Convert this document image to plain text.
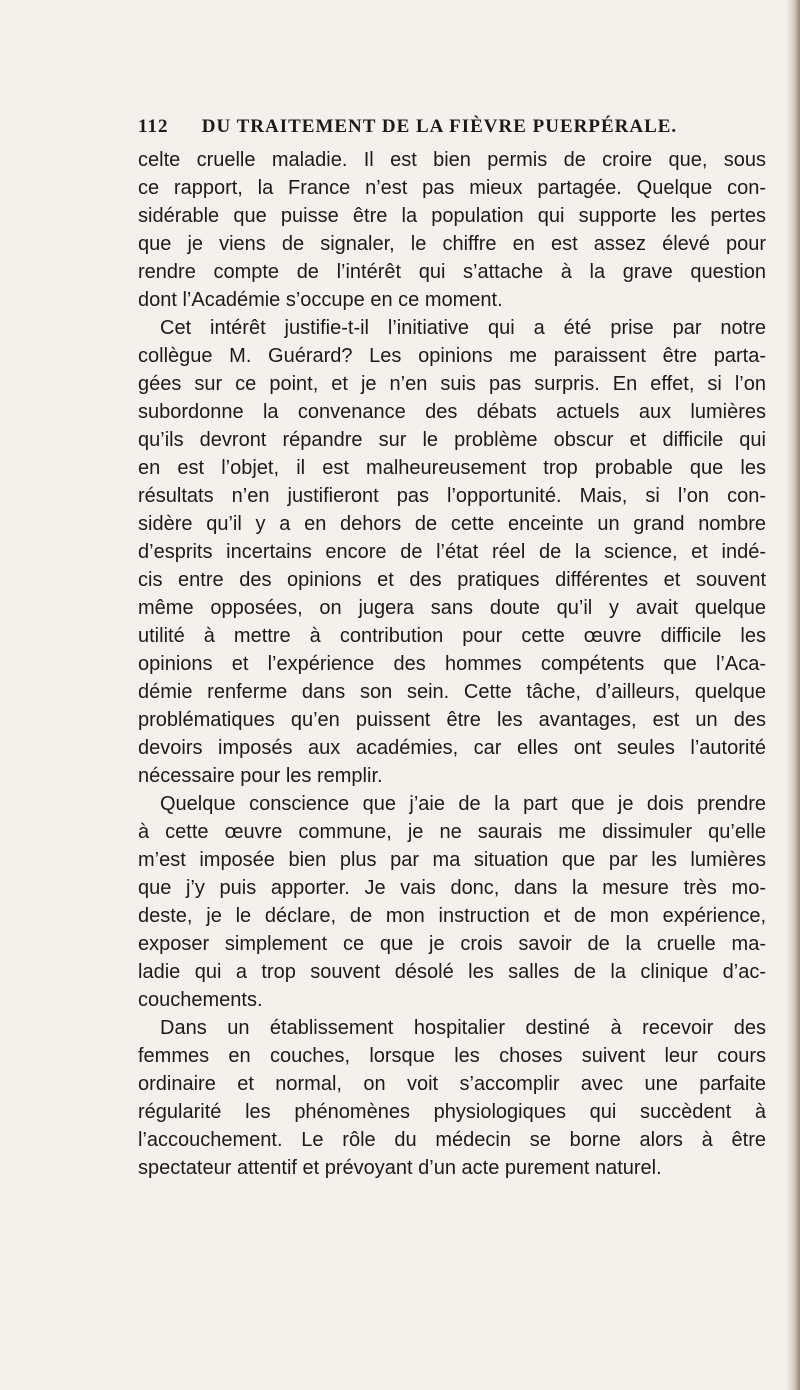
112 DU TRAITEMENT DE LA FIÈVRE PUERPÉRALE.
celte cruelle maladie. Il est bien permis de croire que, sous
ce rapport, la France n’est pas mieux partagée. Quelque con-
sidérable que puisse être la population qui supporte les pertes
que je viens de signaler, le chiffre en est assez élevé pour
rendre compte de l’intérêt qui s’attache à la grave question
dont l’Académie s’occupe en ce moment.
Cet intérêt justifie-t-il l’initiative qui a été prise par notre
collègue M. Guérard? Les opinions me paraissent être parta-
gées sur ce point, et je n’en suis pas surpris. En effet, si l’on
subordonne la convenance des débats actuels aux lumières
qu’ils devront répandre sur le problème obscur et difficile qui
en est l’objet, il est malheureusement trop probable que les
résultats n’en justifieront pas l’opportunité. Mais, si l’on con-
sidère qu’il y a en dehors de cette enceinte un grand nombre
d’esprits incertains encore de l’état réel de la science, et indé-
cis entre des opinions et des pratiques différentes et souvent
même opposées, on jugera sans doute qu’il y avait quelque
utilité à mettre à contribution pour cette œuvre difficile les
opinions et l’expérience des hommes compétents que l’Aca-
démie renferme dans son sein. Cette tâche, d’ailleurs, quelque
problématiques qu’en puissent être les avantages, est un des
devoirs imposés aux académies, car elles ont seules l’autorité
nécessaire pour les remplir.
Quelque conscience que j’aie de la part que je dois prendre
à cette œuvre commune, je ne saurais me dissimuler qu’elle
m’est imposée bien plus par ma situation que par les lumières
que j’y puis apporter. Je vais donc, dans la mesure très mo-
deste, je le déclare, de mon instruction et de mon expérience,
exposer simplement ce que je crois savoir de la cruelle ma-
ladie qui a trop souvent désolé les salles de la clinique d’ac-
couchements.
Dans un établissement hospitalier destiné à recevoir des
femmes en couches, lorsque les choses suivent leur cours
ordinaire et normal, on voit s’accomplir avec une parfaite
régularité les phénomènes physiologiques qui succèdent à
l’accouchement. Le rôle du médecin se borne alors à être
spectateur attentif et prévoyant d’un acte purement naturel.
